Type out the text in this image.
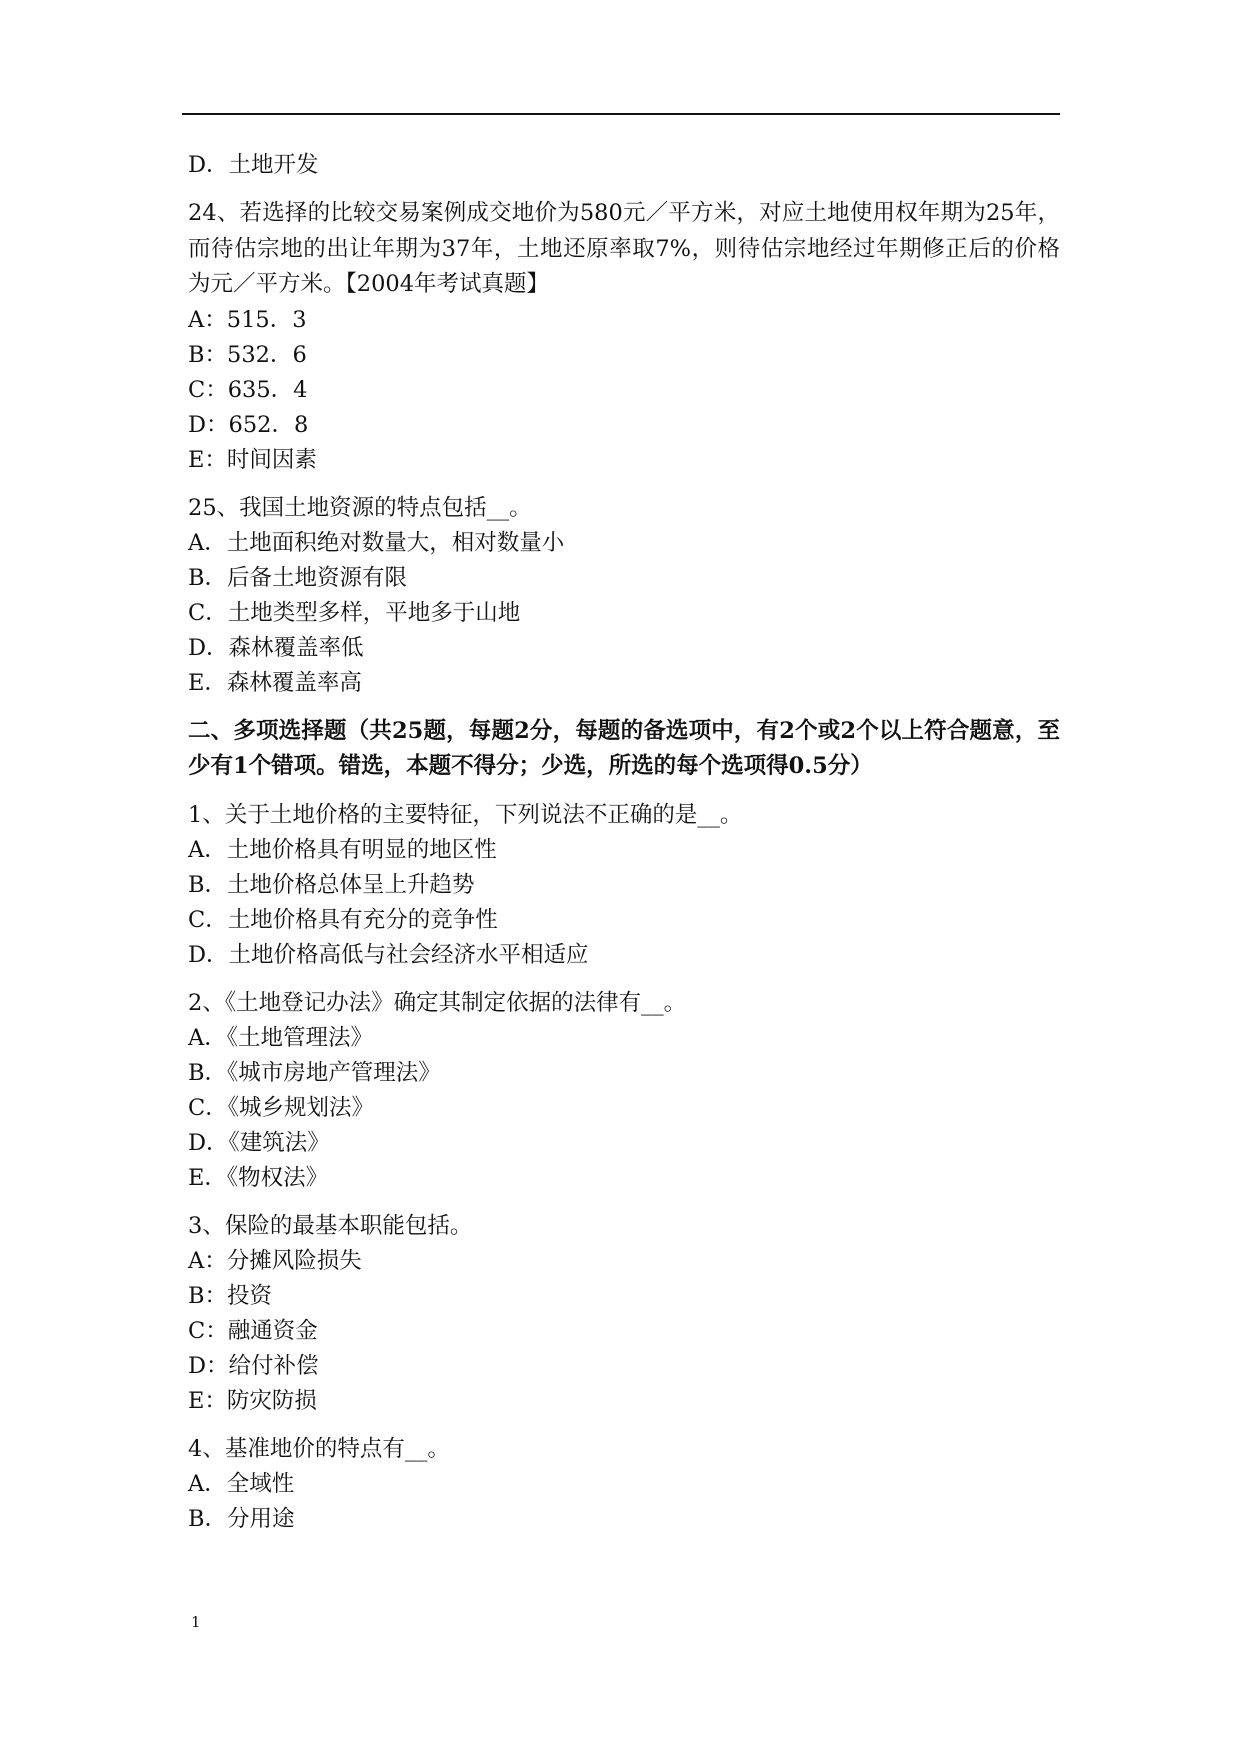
D．土地开发
24、若选择的比较交易案例成交地价为580元／平方米，对应土地使用权年期为25年，而待估宗地的出让年期为37年，土地还原率取7%，则待估宗地经过年期修正后的价格为元／平方米。【2004年考试真题】
A：515．3
B：532．6
C：635．4
D：652．8
E：时间因素
25、我国土地资源的特点包括__。
A．土地面积绝对数量大，相对数量小
B．后备土地资源有限
C．土地类型多样，平地多于山地
D．森林覆盖率低
E．森林覆盖率高
二、多项选择题（共25题，每题2分，每题的备选项中，有2个或2个以上符合题意，至少有1个错项。错选，本题不得分；少选，所选的每个选项得0.5分）
1、关于土地价格的主要特征，下列说法不正确的是__。
A．土地价格具有明显的地区性
B．土地价格总体呈上升趋势
C．土地价格具有充分的竞争性
D．土地价格高低与社会经济水平相适应
2、《土地登记办法》确定其制定依据的法律有__。
A．《土地管理法》
B．《城市房地产管理法》
C．《城乡规划法》
D．《建筑法》
E．《物权法》
3、保险的最基本职能包括。
A：分摊风险损失
B：投资
C：融通资金
D：给付补偿
E：防灾防损
4、基准地价的特点有__。
A．全域性
B．分用途
1
